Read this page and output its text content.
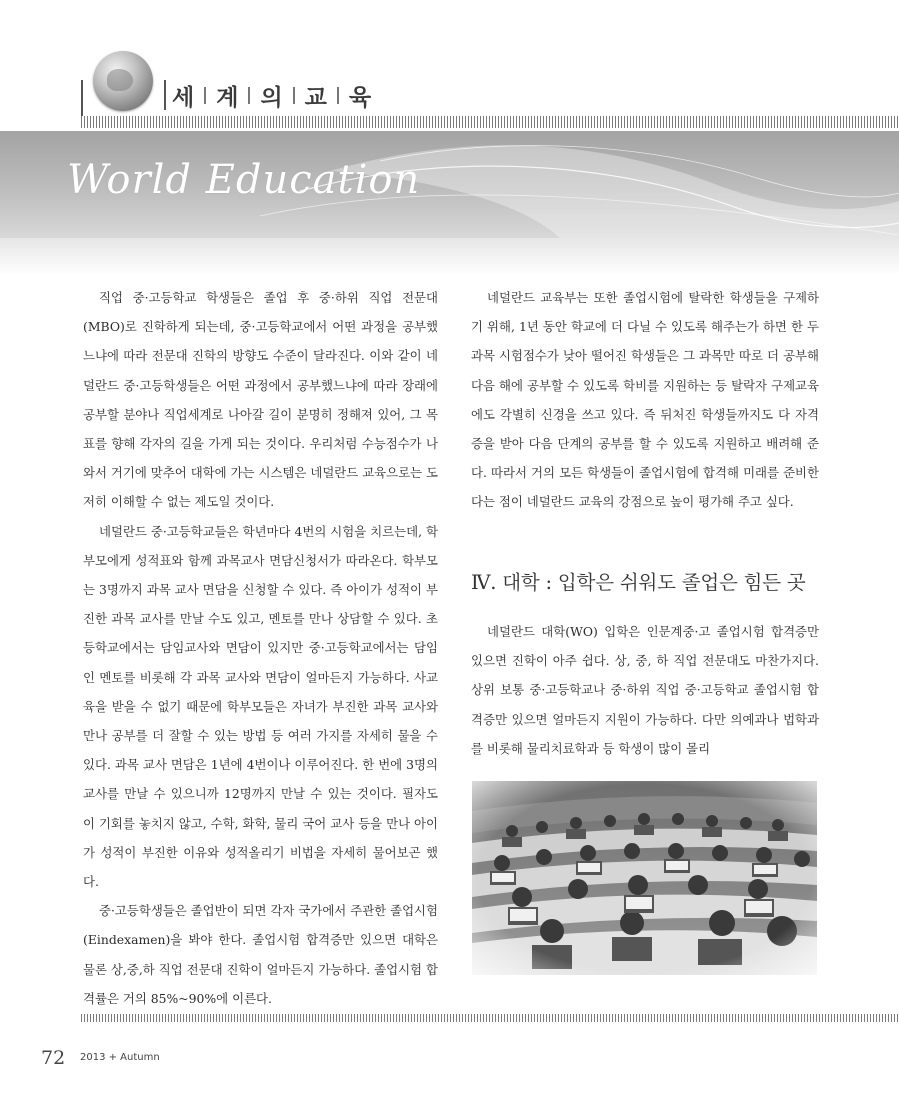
세 계 의 교 육
World Education

직업 중·고등학교 학생들은 졸업 후 중·하위 직업 전문대(MBO)로 진학하게 되는데, 중·고등학교에서 어떤 과정을 공부했느냐에 따라 전문대 진학의 방향도 수준이 달라진다. 이와 같이 네덜란드 중·고등학생들은 어떤 과정에서 공부했느냐에 따라 장래에 공부할 분야나 직업세계로 나아갈 길이 분명히 정해져 있어, 그 목표를 향해 각자의 길을 가게 되는 것이다. 우리처럼 수능점수가 나와서 거기에 맞추어 대학에 가는 시스템은 네덜란드 교육으로는 도저히 이해할 수 없는 제도일 것이다.

네덜란드 중·고등학교들은 학년마다 4번의 시험을 치르는데, 학부모에게 성적표와 함께 과목교사 면담신청서가 따라온다. 학부모는 3명까지 과목 교사 면담을 신청할 수 있다. 즉 아이가 성적이 부진한 과목 교사를 만날 수도 있고, 멘토를 만나 상담할 수 있다. 초등학교에서는 담임교사와 면담이 있지만 중·고등학교에서는 담임인 멘토를 비롯해 각 과목 교사와 면담이 얼마든지 가능하다. 사교육을 받을 수 없기 때문에 학부모들은 자녀가 부진한 과목 교사와 만나 공부를 더 잘할 수 있는 방법 등 여러 가지를 자세히 물을 수 있다. 과목 교사 면담은 1년에 4번이나 이루어진다. 한 번에 3명의 교사를 만날 수 있으니까 12명까지 만날 수 있는 것이다. 필자도 이 기회를 놓치지 않고, 수학, 화학, 물리 국어 교사 등을 만나 아이가 성적이 부진한 이유와 성적올리기 비법을 자세히 물어보곤 했다.

중·고등학생들은 졸업반이 되면 각자 국가에서 주관한 졸업시험(Eindexamen)을 봐야 한다. 졸업시험 합격증만 있으면 대학은 물론 상,중,하 직업 전문대 진학이 얼마든지 가능하다. 졸업시험 합격률은 거의 85%~90%에 이른다.

네덜란드 교육부는 또한 졸업시험에 탈락한 학생들을 구제하기 위해, 1년 동안 학교에 더 다닐 수 있도록 해주는가 하면 한 두 과목 시험점수가 낮아 떨어진 학생들은 그 과목만 따로 더 공부해 다음 해에 공부할 수 있도록 학비를 지원하는 등 탈락자 구제교육에도 각별히 신경을 쓰고 있다. 즉 뒤처진 학생들까지도 다 자격증을 받아 다음 단계의 공부를 할 수 있도록 지원하고 배려해 준다. 따라서 거의 모든 학생들이 졸업시험에 합격해 미래를 준비한다는 점이 네덜란드 교육의 강점으로 높이 평가해 주고 싶다.

Ⅳ. 대학 : 입학은 쉬워도 졸업은 힘든 곳

네덜란드 대학(WO) 입학은 인문계중·고 졸업시험 합격증만 있으면 진학이 아주 쉽다. 상, 중, 하 직업 전문대도 마찬가지다. 상위 보통 중·고등학교나 중·하위 직업 중·고등학교 졸업시험 합격증만 있으면 얼마든지 지원이 가능하다. 다만 의예과나 법학과를 비롯해 물리치료학과 등 학생이 많이 몰리

72 2013 + Autumn
